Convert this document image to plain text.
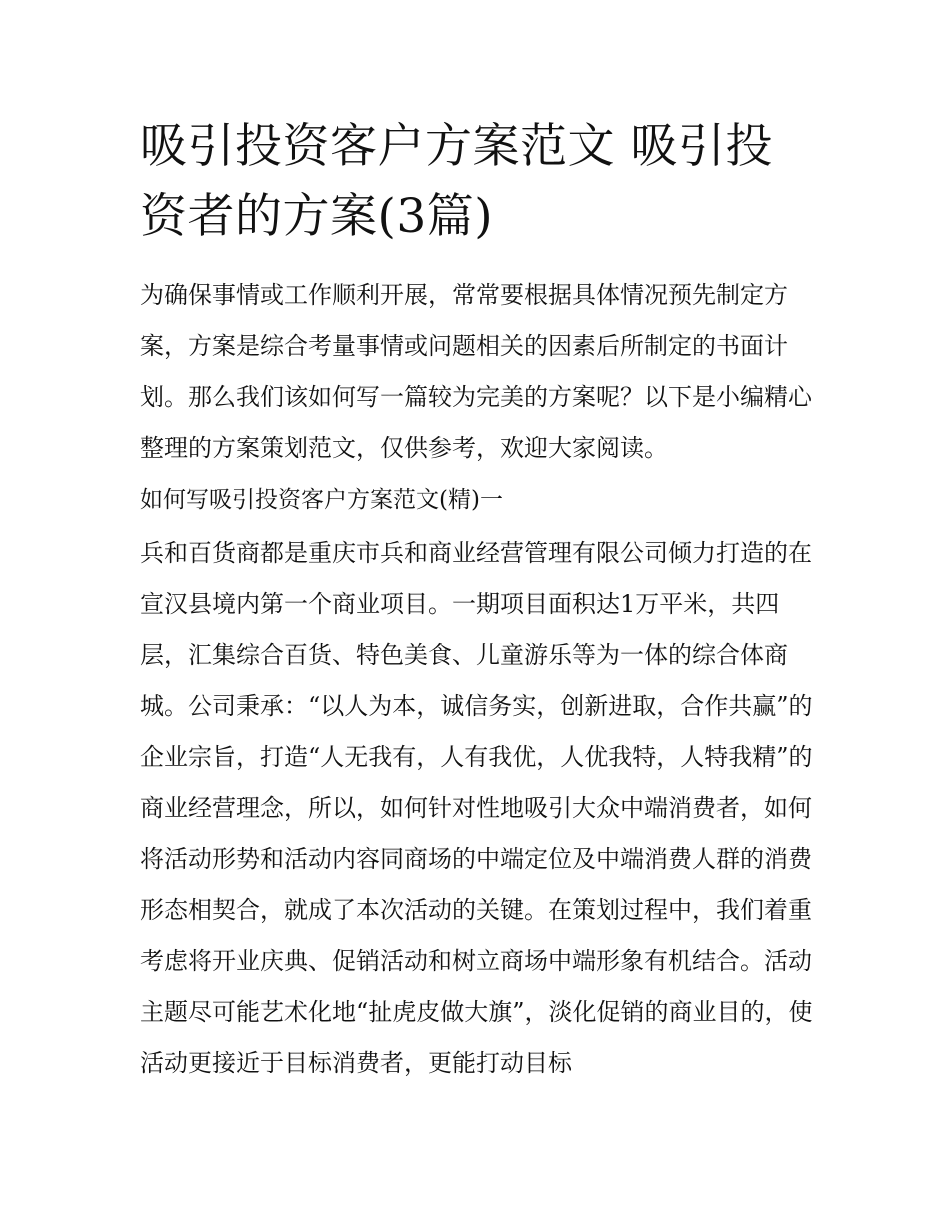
吸引投资客户方案范文 吸引投资者的方案(3篇)

为确保事情或工作顺利开展，常常要根据具体情况预先制定方案，方案是综合考量事情或问题相关的因素后所制定的书面计划。那么我们该如何写一篇较为完美的方案呢？以下是小编精心整理的方案策划范文，仅供参考，欢迎大家阅读。

如何写吸引投资客户方案范文(精)一

兵和百货商都是重庆市兵和商业经营管理有限公司倾力打造的在宣汉县境内第一个商业项目。一期项目面积达1万平米，共四层，汇集综合百货、特色美食、儿童游乐等为一体的综合体商城。公司秉承：“以人为本，诚信务实，创新进取，合作共赢”的企业宗旨，打造“人无我有，人有我优，人优我特，人特我精”的商业经营理念，所以，如何针对性地吸引大众中端消费者，如何将活动形势和活动内容同商场的中端定位及中端消费人群的消费形态相契合，就成了本次活动的关键。在策划过程中，我们着重考虑将开业庆典、促销活动和树立商场中端形象有机结合。活动主题尽可能艺术化地“扯虎皮做大旗”，淡化促销的商业目的，使活动更接近于目标消费者，更能打动目标
